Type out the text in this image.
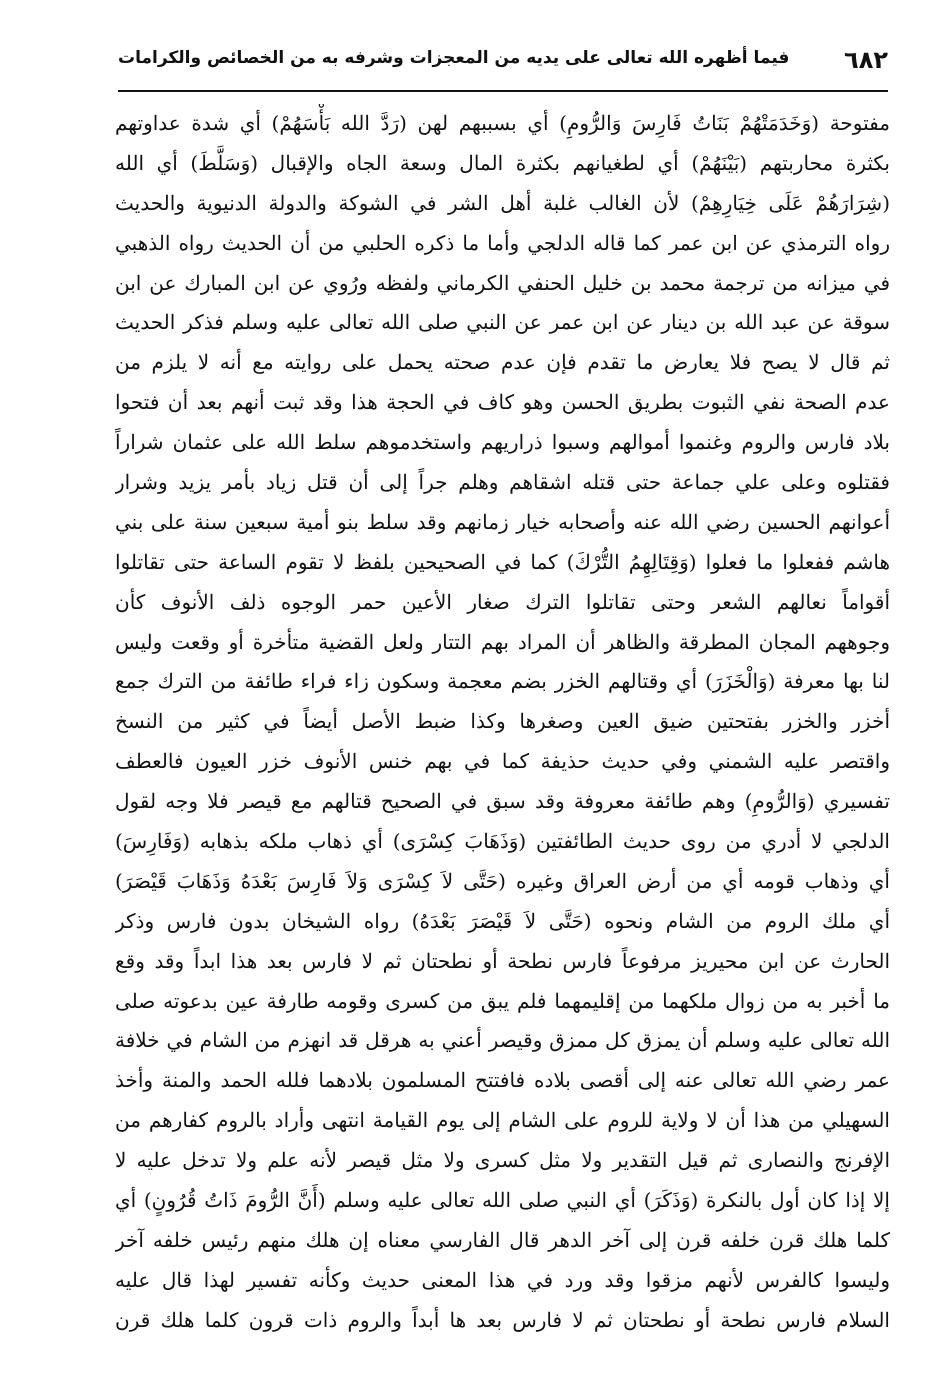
٦٨٢
فيما أظهره الله تعالى على يديه من المعجزات وشرفه به من الخصائص والكرامات
مفتوحة (وَخَدَمَتْهُمْ بَنَاتُ فَارِسَ وَالرُّومِ) أي بسببهم لهن (رَدَّ الله بَأْسَهُمْ) أي شدة عداوتهم
بكثرة محاربتهم (بَيْنَهُمْ) أي لطغيانهم بكثرة المال وسعة الجاه والإقبال (وَسَلَّطَ) أي الله
(شِرَارَهُمْ عَلَى خِيَارِهِمْ) لأن الغالب غلبة أهل الشر في الشوكة والدولة الدنيوية والحديث
رواه الترمذي عن ابن عمر كما قاله الدلجي وأما ما ذكره الحلبي من أن الحديث رواه الذهبي
في ميزانه من ترجمة محمد بن خليل الحنفي الكرماني ولفظه ورُوي عن ابن المبارك عن ابن
سوقة عن عبد الله بن دينار عن ابن عمر عن النبي صلى الله تعالى عليه وسلم فذكر الحديث
ثم قال لا يصح فلا يعارض ما تقدم فإن عدم صحته يحمل على روايته مع أنه لا يلزم من
عدم الصحة نفي الثبوت بطريق الحسن وهو كاف في الحجة هذا وقد ثبت أنهم بعد أن فتحوا
بلاد فارس والروم وغنموا أموالهم وسبوا ذراريهم واستخدموهم سلط الله على عثمان شراراً
فقتلوه وعلى علي جماعة حتى قتله اشقاهم وهلم جراً إلى أن قتل زياد بأمر يزيد وشرار
أعوانهم الحسين رضي الله عنه وأصحابه خيار زمانهم وقد سلط بنو أمية سبعين سنة على بني
هاشم ففعلوا ما فعلوا (وَقِتَالِهِمُ التُّرْكَ) كما في الصحيحين بلفظ لا تقوم الساعة حتى تقاتلوا
أقواماً نعالهم الشعر وحتى تقاتلوا الترك صغار الأعين حمر الوجوه ذلف الأنوف كأن
وجوههم المجان المطرقة والظاهر أن المراد بهم التتار ولعل القضية متأخرة أو وقعت وليس
لنا بها معرفة (وَالْخَزَرَ) أي وقتالهم الخزر بضم معجمة وسكون زاء فراء طائفة من الترك جمع
أخزر والخزر بفتحتين ضيق العين وصغرها وكذا ضبط الأصل أيضاً في كثير من النسخ
واقتصر عليه الشمني وفي حديث حذيفة كما في بهم خنس الأنوف خزر العيون فالعطف
تفسيري (وَالرُّومِ) وهم طائفة معروفة وقد سبق في الصحيح قتالهم مع قيصر فلا وجه لقول
الدلجي لا أدري من روى حديث الطائفتين (وَذَهَابَ كِسْرَى) أي ذهاب ملكه بذهابه (وَفَارِسَ)
أي وذهاب قومه أي من أرض العراق وغيره (حَتَّى لاَ كِسْرَى وَلاَ فَارِسَ بَعْدَهُ وَذَهَابَ قَيْصَرَ)
أي ملك الروم من الشام ونحوه (حَتَّى لاَ قَيْصَرَ بَعْدَهُ) رواه الشيخان بدون فارس وذكر
الحارث عن ابن محيريز مرفوعاً فارس نطحة أو نطحتان ثم لا فارس بعد هذا ابداً وقد وقع
ما أخبر به من زوال ملكهما من إقليمهما فلم يبق من كسرى وقومه طارفة عين بدعوته صلى
الله تعالى عليه وسلم أن يمزق كل ممزق وقيصر أعني به هرقل قد انهزم من الشام في خلافة
عمر رضي الله تعالى عنه إلى أقصى بلاده فافتتح المسلمون بلادهما فلله الحمد والمنة وأخذ
السهيلي من هذا أن لا ولاية للروم على الشام إلى يوم القيامة انتهى وأراد بالروم كفارهم من
الإفرنج والنصارى ثم قيل التقدير ولا مثل كسرى ولا مثل قيصر لأنه علم ولا تدخل عليه لا
إلا إذا كان أول بالنكرة (وَذَكَرَ) أي النبي صلى الله تعالى عليه وسلم (أَنَّ الرُّومَ ذَاتُ قُرُونٍ) أي
كلما هلك قرن خلفه قرن إلى آخر الدهر قال الفارسي معناه إن هلك منهم رئيس خلفه آخر
وليسوا كالفرس لأنهم مزقوا وقد ورد في هذا المعنى حديث وكأنه تفسير لهذا قال عليه
السلام فارس نطحة أو نطحتان ثم لا فارس بعد ها أبداً والروم ذات قرون كلما هلك قرن
